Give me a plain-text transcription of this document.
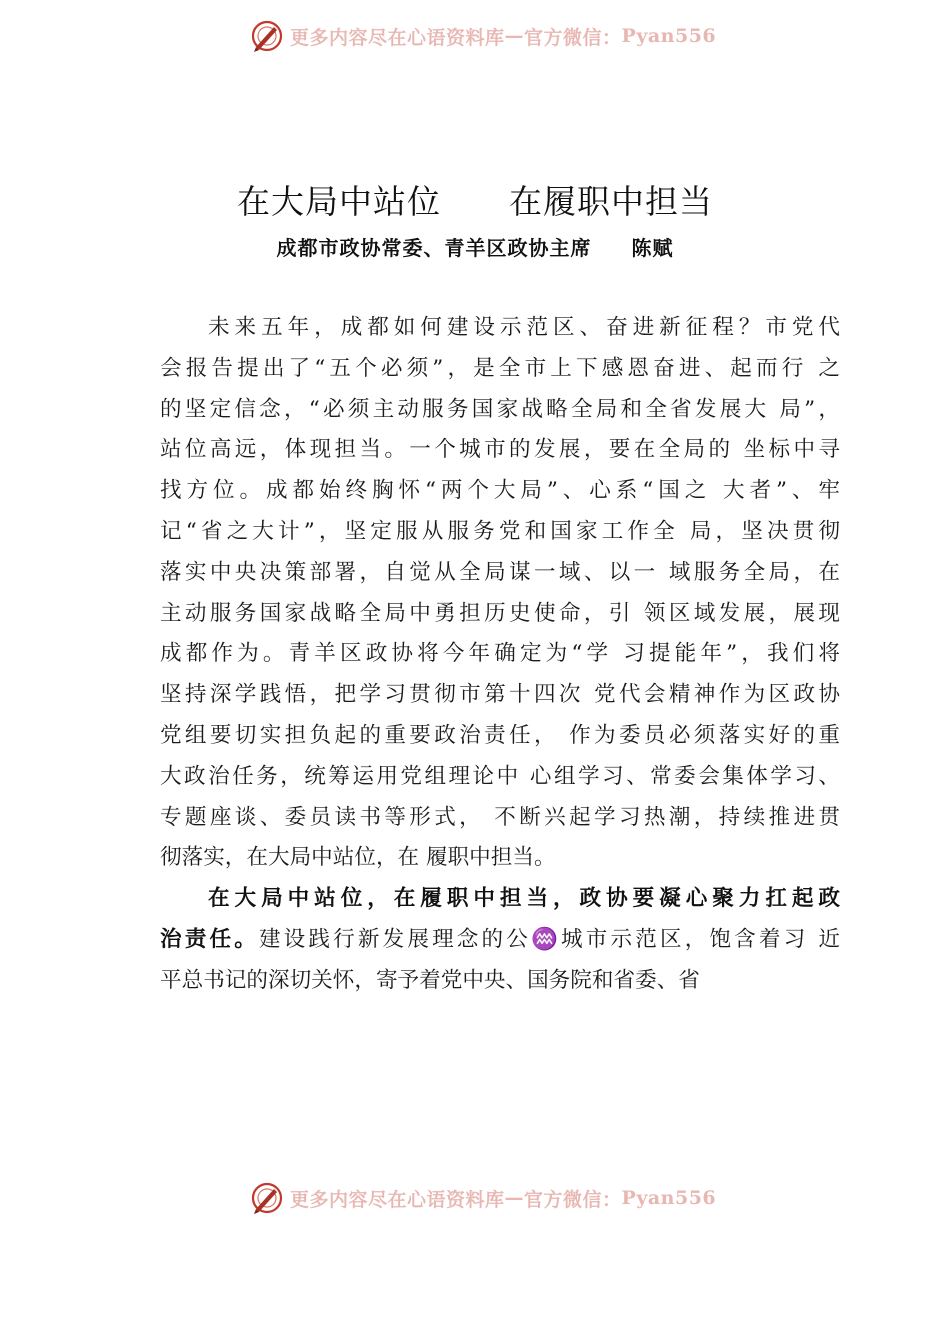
更多内容尽在心语资料库 — 官方微信： Pyan556
在大局中站位 在履职中担当
成都市政协常委、青羊区政协主席 陈赋
未来五年，成都如何建设示范区、奋进新征程？市党代
会报告提出了“五个必须”，是全市上下感恩奋进、起而行 之
的坚定信念，“必须主动服务国家战略全局和全省发展大 局”，
站位高远，体现担当。一个城市的发展，要在全局的 坐标中寻
找方位。成都始终胸怀“两个大局”、心系“国之 大者”、牢
记“省之大计”，坚定服从服务党和国家工作全 局，坚决贯彻
落实中央决策部署，自觉从全局谋一域、以一 域服务全局，在
主动服务国家战略全局中勇担历史使命，引 领区域发展，展现
成都作为。青羊区政协将今年确定为“学 习提能年”，我们将
坚持深学践悟，把学习贯彻市第十四次 党代会精神作为区政协
党组要切实担负起的重要政治责任， 作为委员必须落实好的重
大政治任务，统筹运用党组理论中 心组学习、常委会集体学习、
专题座谈、委员读书等形式， 不断兴起学习热潮，持续推进贯
彻落实，在大局中站位，在 履职中担当。
在大局中站位，在履职中担当，政协要凝心聚力扛起政
治责任。建设践行新发展理念的公♒城市示范区，饱含着习 近
平总书记的深切关怀，寄予着党中央、国务院和省委、省
更多内容尽在心语资料库 — 官方微信： Pyan556
